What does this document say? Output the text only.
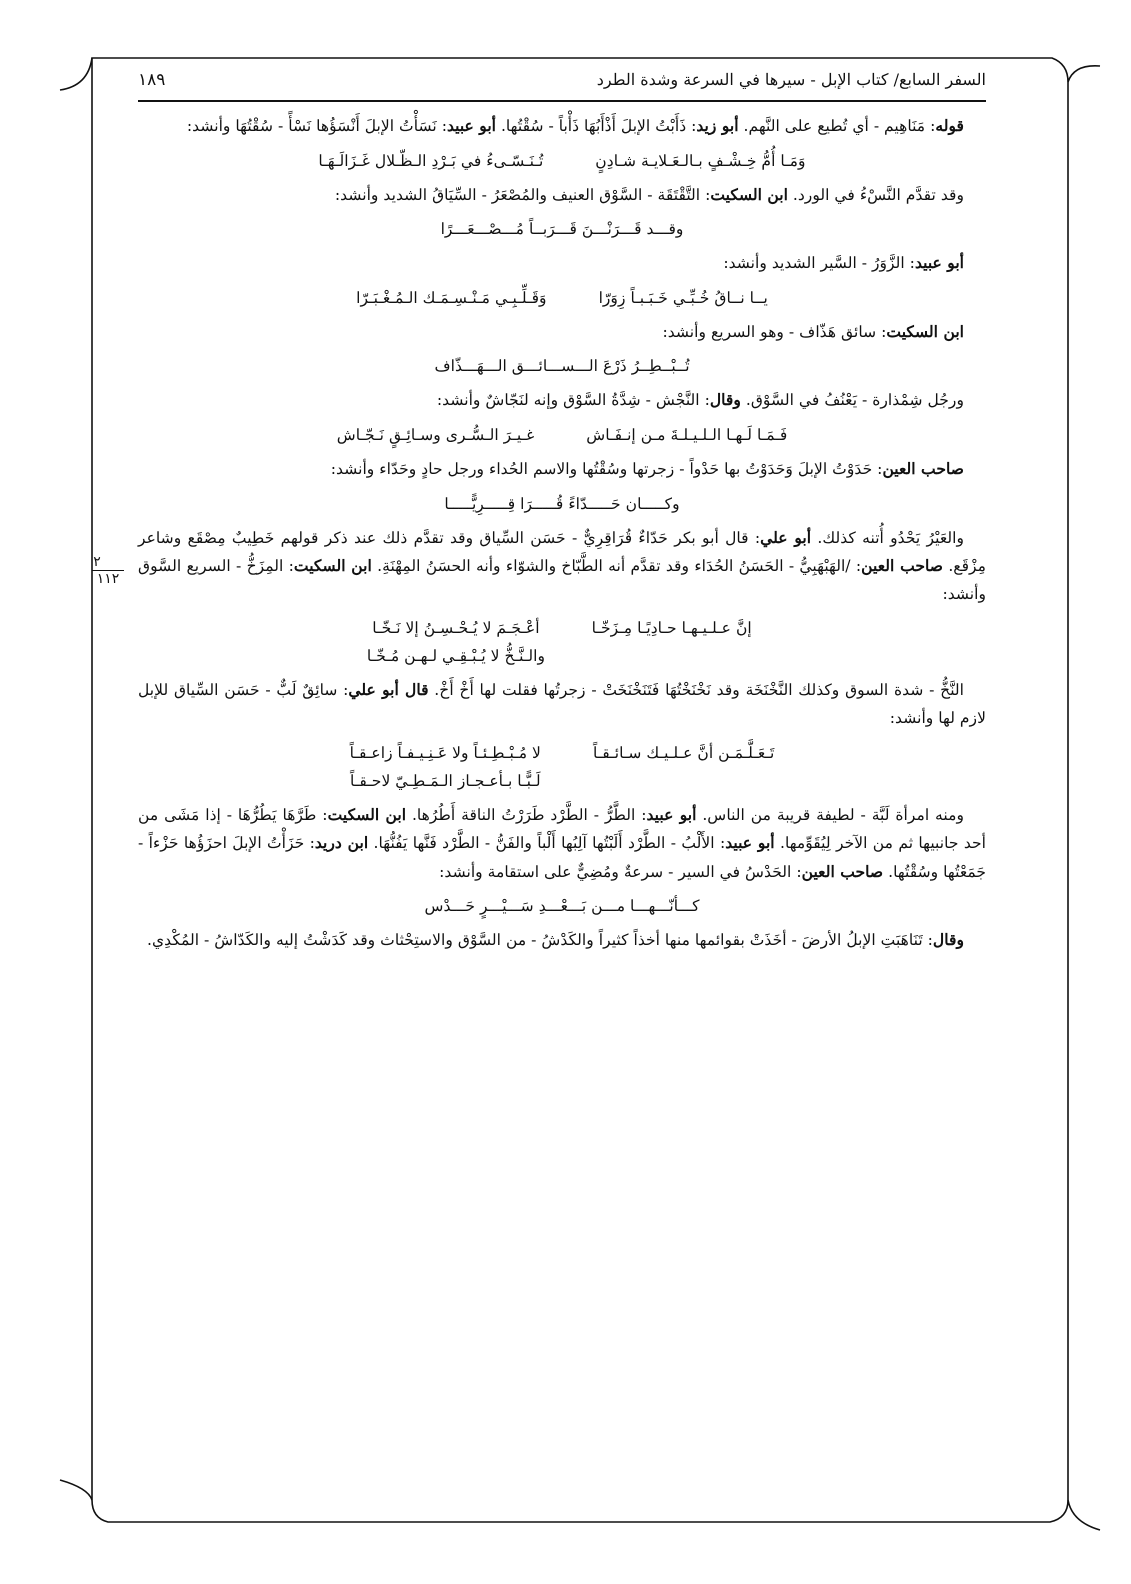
السفر السابع/ كتاب الإبل - سيرها في السرعة وشدة الطرد
١٨٩

قوله: مَنَاهِيم - أي تُطيع على النَّهم. أبو زيد: ذَأَبْتُ الإبلَ أَذْأَبُهَا ذَأْباً - سُقْتُها. أبو عبيد: نَسَأْتُ الإبلَ أَنْسَؤُها نَسْأً - سُقْتُهَا وأنشد:

وَمَـا أُمُّ خِـشْـفٍ بـالـعَـلايـة شـادِنٍ
تُـنَـسّـىءُ في بَـرْدِ الـظّـلال غَـزَالَـهَـا

وقد تقدَّم النَّسْءُ في الورد. ابن السكيت: التَّقْتَقَة - السَّوْق العنيف والمُصْعَرُ - السِّيَاقُ الشديد وأنشد:

وقـــد قَـــرَنْـــنَ قَـــرَبــاً مُـــصْـــعَـــرًا

أبو عبيد: الزَّوَرُ - السَّير الشديد وأنشد:

يــا نــاقُ خُـبِّـي خَـبَـبـاً زِوَرّا
وَقَـلِّـبِـي مَـنْـسِـمَـك الـمُـغْـبَـرّا

ابن السكيت: سائق هَذّاف - وهو السريع وأنشد:

تُــبْــطِــرُ ذَرْعَ الـــســـائـــق الـــهَـــذّاف

ورجُل شِمْذارة - يَعْنُفُ في السَّوْق. وقال: النَّجْش - شِدَّةُ السَّوْق وإنه لنَجّاشٌ وأنشد:

فَـمَـا لَـهـا الـلـيـلـةَ مـن إنـفَـاش
غـيـرَ الـسُّـرى وسـائِـقٍ نَـجّـاش

صاحب العين: حَدَوْتُ الإبلَ وَحَدَوْتُ بها حَدْواً - زجرتها وسُقْتُها والاسم الحُداء ورجل حادٍ وحَدّاء وأنشد:

وكـــــان حَـــــدّاءً قُـــــرَا قِـــــرِيًّـــــا

والعَيْرُ يَحْدُو أُتنه كذلك. أبو علي: قال أبو بكر حَدّاءٌ قُرَاقِرِيٌّ - حَسَن السِّياق وقد تقدَّم ذلك عند ذكر قولهم خَطِيبٌ مِصْقَع وشاعر مِزْقَع. صاحب العين: /الهَبْهَبِيُّ - الحَسَنُ الحُدَاء وقد تقدَّم أنه الطَّبّاخ والشوّاء وأنه الحسَنُ المِهْنَةِ. ابن السكيت: المِزَخُّ - السريع السَّوق وأنشد:
٢
١١٢

إنَّ عـلـيـهـا حـادِيًـا مِـزَخّـا
أعْـجَـمَ لا يُـحْـسِـنُ إلا نَـخّـا
والـنَّـخُّ لا يُـبْـقِـي لـهـن مُـخّـا

النَّخُّ - شدة السوق وكذلك النَّخْنَخَة وقد نَخْنَخْتُهَا فَتَنَخْنَخَتْ - زجرتُها فقلت لها أَخْ أَخْ. قال أبو علي: سائِقٌ لَبٌّ - حَسَن السِّياق للإبل لازم لها وأنشد:

تَـعَـلَّـمَـن أنَّ عـلـيـك سـائـقـاً
لا مُـبْـطِـئـاً ولا عَـنِـيـفـاً زاعـقـاً
لَـبًّـا بـأعـجـاز الـمَـطِـيّ لاحـقـاً

ومنه امرأة لَبَّة - لطيفة قريبة من الناس. أبو عبيد: الطَّرُّ - الطَّرْد طَرَرْتُ الناقة أَطُرُها. ابن السكيت: طَرَّهَا يَطُرُّهَا - إذا مَشَى من أحد جانبيها ثم من الآخر لِيُقَوِّمها. أبو عبيد: الأَلْبُ - الطَّرْد أَلَبْتُها آلِبُها أَلْباً والفَنُّ - الطَّرْد فَنَّها يَفُنُّهَا. ابن دريد: حَزَأْتُ الإبلَ احزَؤُها حَزْءاً - جَمَعْتُها وسُقْتُها. صاحب العين: الحَدْسُ في السير - سرعةٌ ومُضِيٌّ على استقامة وأنشد:

كـــأنّـــهـــا مـــن بَـــعْـــدِ سَـــيْـــرٍ حَـــدْس

وقال: تَنَاهَبَتِ الإبلُ الأرضَ - أخَذَتْ بقوائمها منها أخذاً كثيراً والكَدْشُ - من السَّوْق والاستِحْثاث وقد كَدَشْتُ إليه والكَدّاشُ - المُكْدِي.
